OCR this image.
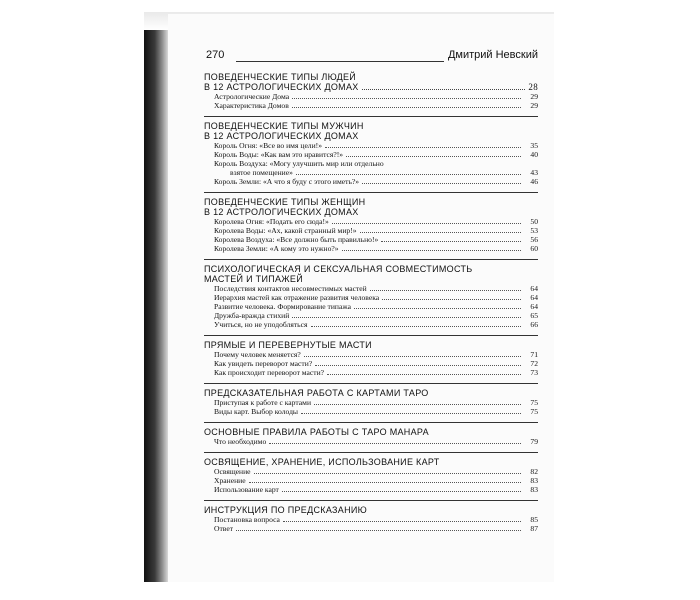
270	Дмитрий Невский
ПОВЕДЕНЧЕСКИЕ ТИПЫ ЛЮДЕЙ
В 12 АСТРОЛОГИЧЕСКИХ ДОМАХ	28
Астрологические Дома	29
Характеристика Домов	29
ПОВЕДЕНЧЕСКИЕ ТИПЫ МУЖЧИН
В 12 АСТРОЛОГИЧЕСКИХ ДОМАХ
Король Огня: «Все во имя цели!»	35
Король Воды: «Как вам это нравится?!»	40
Король Воздуха: «Могу улучшить мир или отдельно
взятое помещение»	43
Король Земли: «А что я буду с этого иметь?»	46
ПОВЕДЕНЧЕСКИЕ ТИПЫ ЖЕНЩИН
В 12 АСТРОЛОГИЧЕСКИХ ДОМАХ
Королева Огня: «Подать его сюда!»	50
Королева Воды: «Ах, какой странный мир!»	53
Королева Воздуха: «Все должно быть правильно!»	56
Королева Земли: «А кому это нужно?»	60
ПСИХОЛОГИЧЕСКАЯ И СЕКСУАЛЬНАЯ СОВМЕСТИМОСТЬ
МАСТЕЙ И ТИПАЖЕЙ
Последствия контактов несовместимых мастей	64
Иерархия мастей как отражение развития человека	64
Развитие человека. Формирование типажа	64
Дружба-вражда стихий	65
Учиться, но не уподобляться	66
ПРЯМЫЕ И ПЕРЕВЕРНУТЫЕ МАСТИ
Почему человек меняется?	71
Как увидеть переворот масти?	72
Как происходит переворот масти?	73
ПРЕДСКАЗАТЕЛЬНАЯ РАБОТА С КАРТАМИ ТАРО
Приступая к работе с картами	75
Виды карт. Выбор колоды	75
ОСНОВНЫЕ ПРАВИЛА РАБОТЫ С ТАРО МАНАРА
Что необходимо	79
ОСВЯЩЕНИЕ, ХРАНЕНИЕ, ИСПОЛЬЗОВАНИЕ КАРТ
Освящение	82
Хранение	83
Использование карт	83
ИНСТРУКЦИЯ ПО ПРЕДСКАЗАНИЮ
Постановка вопроса	85
Ответ	87
